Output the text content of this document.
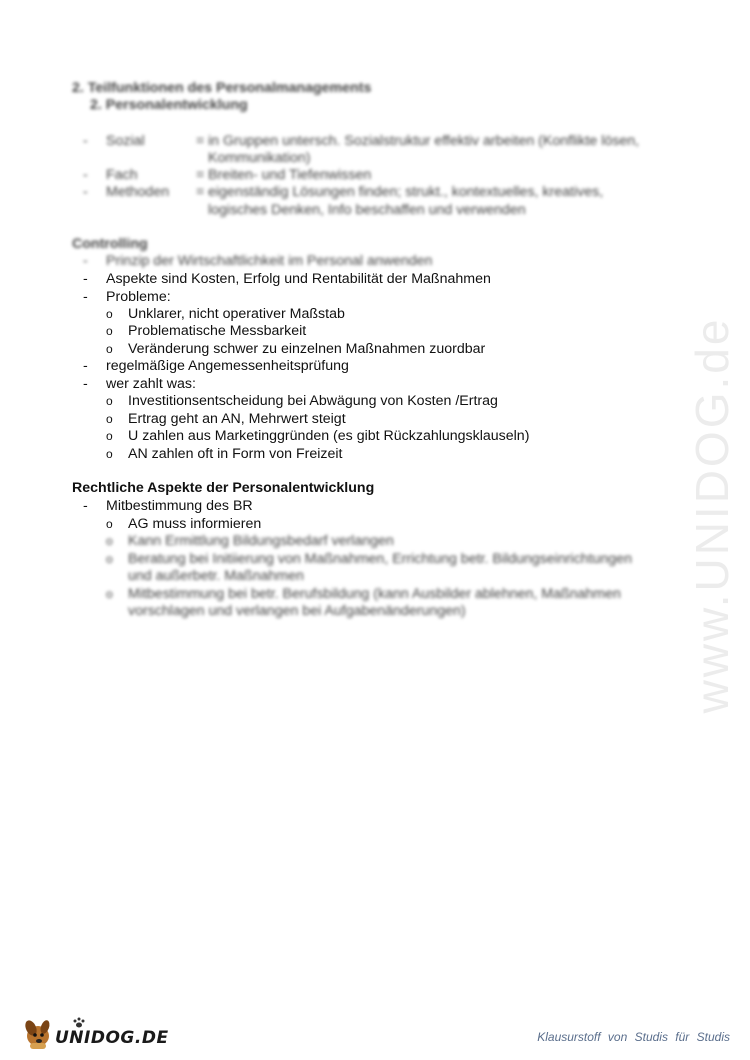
2. Teilfunktionen des Personalmanagements
2. Personalentwicklung
- Sozial	= in Gruppen untersch. Sozialstruktur effektiv arbeiten (Konflikte lösen,
Kommunikation)
- Fach	= Breiten- und Tiefenwissen
- Methoden = eigenständig Lösungen finden; strukt., kontextuelles, kreatives,
logisches Denken, Info beschaffen und verwenden
Controlling
- Prinzip der Wirtschaftlichkeit im Personal anwenden
- Aspekte sind Kosten, Erfolg und Rentabilität der Maßnahmen
- Probleme:
o Unklarer, nicht operativer Maßstab
o Problematische Messbarkeit
o Veränderung schwer zu einzelnen Maßnahmen zuordbar
- regelmäßige Angemessenheitsprüfung
- wer zahlt was:
o Investitionsentscheidung bei Abwägung von Kosten /Ertrag
o Ertrag geht an AN, Mehrwert steigt
o U zahlen aus Marketinggründen (es gibt Rückzahlungsklauseln)
o AN zahlen oft in Form von Freizeit
Rechtliche Aspekte der Personalentwicklung
- Mitbestimmung des BR
o AG muss informieren
o Kann Ermittlung Bildungsbedarf verlangen
o Beratung bei Initiierung von Maßnahmen, Errichtung betr. Bildungseinrichtungen
und außerbetr. Maßnahmen
o Mitbestimmung bei betr. Berufsbildung (kann Ausbilder ablehnen, Maßnahmen
vorschlagen und verlangen bei Aufgabenänderungen)	www.UNIDOG.de
UNIDOG.DE	Klausurstoff von Studis für Studis
